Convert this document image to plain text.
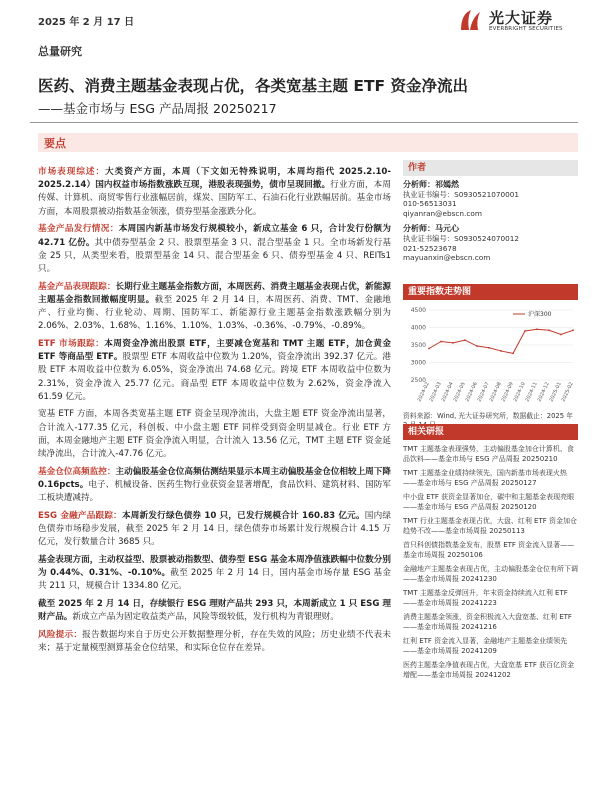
2025 年 2 月 17 日	光大证券
EVERBRIGHT SECURITIES
总量研究
医药、消费主题基金表现占优，各类宽基主题 ETF 资金净流出
——基金市场与 ESG 产品周报 20250217
要点

市场表现综述：大类资产方面，本周（下文如无特殊说明，本周均指代 2025.2.10-2025.2.14）国内权益市场指数涨跌互现，港股表现强势，债市呈现回撤。行业方面，本周传媒、计算机、商贸零售行业涨幅居前，煤炭、国防军工、石油石化行业跌幅居前。基金市场方面，本周股票被动指数基金领涨，债券型基金涨跌分化。

基金产品发行情况：本周国内新基市场发行规模较小，新成立基金 6 只，合计发行份额为 42.71 亿份。其中债券型基金 2 只、股票型基金 3 只、混合型基金 1 只。全市场新发行基金 25 只，从类型来看，股票型基金 14 只、混合型基金 6 只、债券型基金 4 只、REITs1 只。

基金产品表现跟踪：长期行业主题基金指数方面，本周医药、消费主题基金表现占优，新能源主题基金指数回撤幅度明显。截至 2025 年 2 月 14 日，本周医药、消费、TMT、金融地产、行业均衡、行业轮动、周期、国防军工、新能源行业主题基金指数涨跌幅分别为 2.06%、2.03%、1.68%、1.16%、1.10%、1.03%、-0.36%、-0.79%、-0.89%。

ETF 市场跟踪：本周资金净流出股票 ETF，主要减仓宽基和 TMT 主题 ETF，加仓黄金 ETF 等商品型 ETF。股票型 ETF 本周收益中位数为 1.20%，资金净流出 392.37 亿元。港股 ETF 本周收益中位数为 6.05%，资金净流出 74.68 亿元。跨境 ETF 本周收益中位数为 2.31%，资金净流入 25.77 亿元。商品型 ETF 本周收益中位数为 2.62%，资金净流入 61.59 亿元。

宽基 ETF 方面，本周各类宽基主题 ETF 资金呈现净流出，大盘主题 ETF 资金净流出显著，合计流入-177.35 亿元，科创板、中小盘主题 ETF 同样受到资金明显减仓。行业 ETF 方面，本周金融地产主题 ETF 资金净流入明显，合计流入 13.56 亿元，TMT 主题 ETF 资金延续净流出，合计流入-47.76 亿元。

基金仓位高频监控：主动偏股基金仓位高频估测结果显示本周主动偏股基金仓位相较上周下降 0.16pcts。电子、机械设备、医药生物行业获资金显著增配，食品饮料、建筑材料、国防军工板块遭减持。

ESG 金融产品跟踪：本周新发行绿色债券 10 只，已发行规模合计 160.83 亿元。国内绿色债券市场稳步发展，截至 2025 年 2 月 14 日，绿色债券市场累计发行规模合计 4.15 万亿元，发行数量合计 3685 只。

基金表现方面，主动权益型、股票被动指数型、债券型 ESG 基金本周净值涨跌幅中位数分别为 0.44%、0.31%、-0.10%。截至 2025 年 2 月 14 日，国内基金市场存量 ESG 基金共 211 只，规模合计 1334.80 亿元。

截至 2025 年 2 月 14 日，存续银行 ESG 理财产品共 293 只，本周新成立 1 只 ESG 理财产品。新成立产品为固定收益类产品，风险等级较低，发行机构为青银理财。

风险提示：报告数据均来自于历史公开数据整理分析，存在失效的风险；历史业绩不代表未来；基于定量模型测算基金仓位结果，和实际仓位存在差异。

作者
分析师：祁嫣然
执业证书编号：S0930521070001
010-56513031
qiyanran@ebscn.com
分析师：马元心
执业证书编号：S0930524070012
021-52523678
mayuanxin@ebscn.com
重要指数走势图
2500
3000
3500
4000
4500
2024-02
2024-03
2024-04
2024-05
2024-06
2024-07
2024-08
2024-09
2024-10
2024-11
2024-12
2025-01
2025-02
沪深300
资料来源：Wind, 光大证券研究所，数据截止：2025 年
相关研报
TMT 主题基金表现强势，主动偏股基金加仓计算机、食品饮料——基金市场与 ESG 产品周报 20250210
TMT 主题基金业绩持续领先，国内新基市场表现火热——基金市场与 ESG 产品周报 20250127
中小盘 ETF 获资金显著加仓，碳中和主题基金表现亮眼——基金市场与 ESG 产品周报 20250120
TMT 行业主题基金表现占优，大盘、红利 ETF 资金加仓趋势不改——基金市场周报 20250113
首只科创债指数基金发布，股票 ETF 资金流入显著——基金市场周报 20250106
金融地产主题基金表现占优，主动偏股基金仓位有所下调——基金市场周报 20241230
TMT 主题基金反弹回升，年末资金持续流入红利 ETF——基金市场周报 20241223
消费主题基金领涨，资金积极流入大盘宽基、红利 ETF——基金市场周报 20241216
红利 ETF 资金流入显著，金融地产主题基金业绩领先——基金市场周报 20241209
医药主题基金净值表现占优，大盘宽基 ETF 获百亿资金增配——基金市场周报 20241202
